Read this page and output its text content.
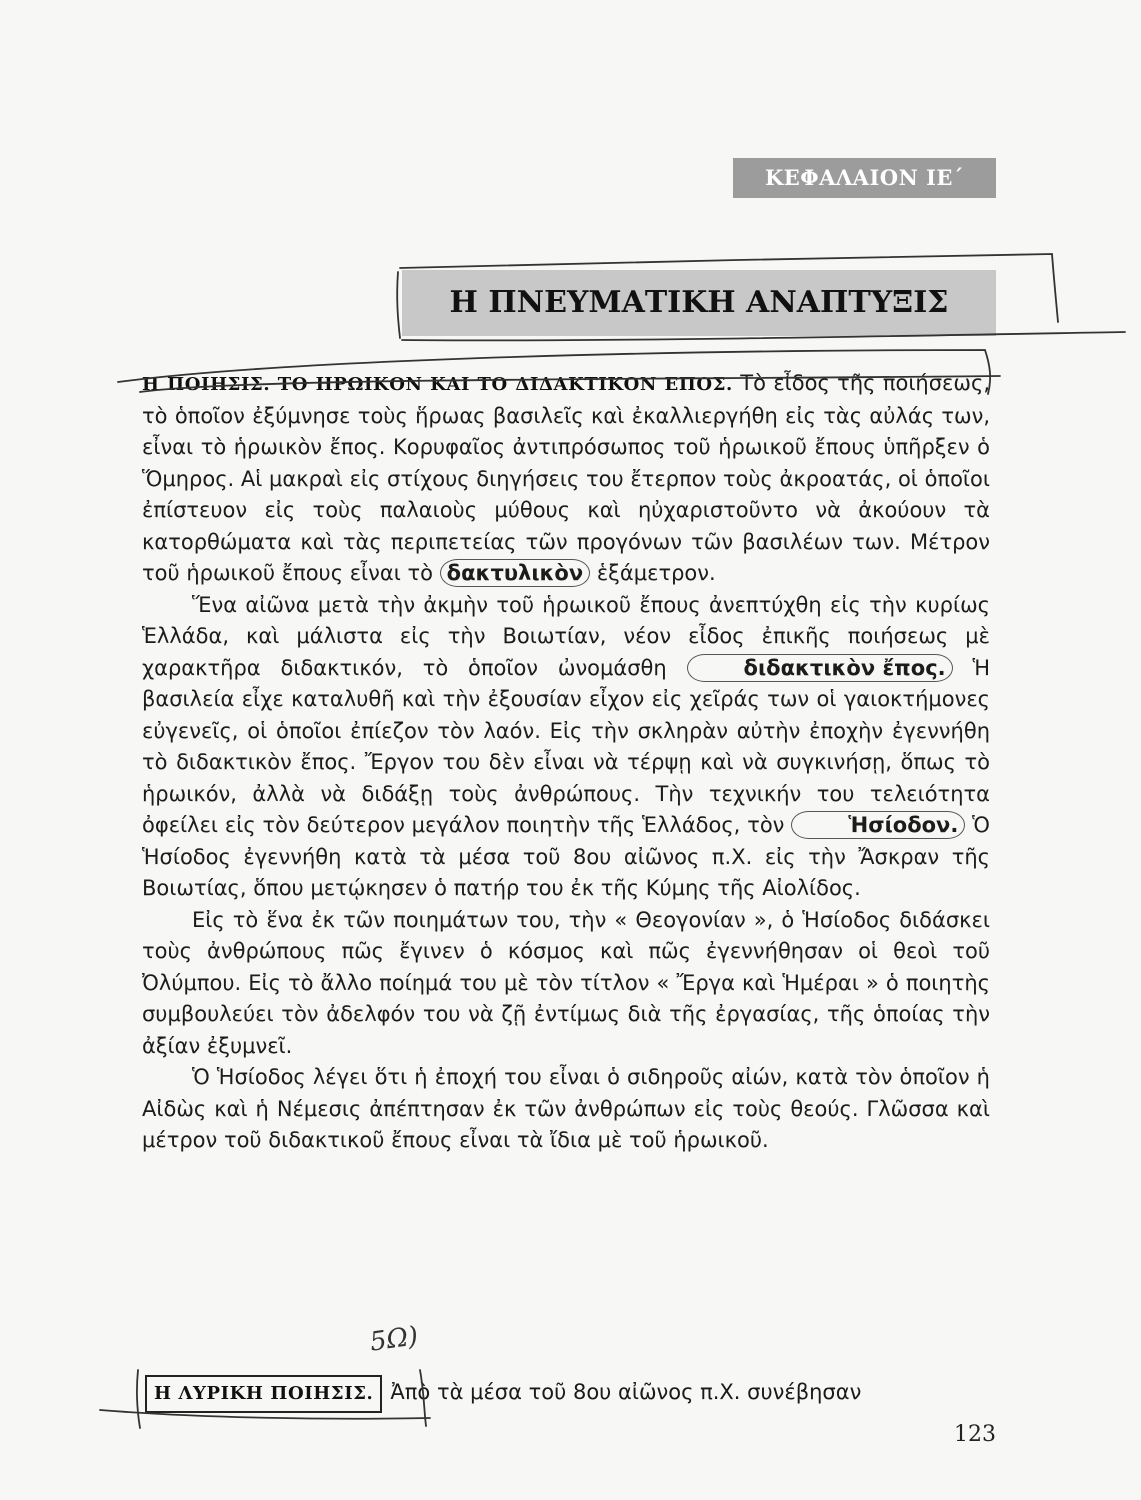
ΚΕΦΑΛΑΙΟΝ ΙΕ΄
Η ΠΝΕΥΜΑΤΙΚΗ ΑΝΑΠΤΥΞΙΣ

Η ΠΟΙΗΣΙΣ. ΤΟ ΗΡΩΙΚΟΝ ΚΑΙ ΤΟ ΔΙΔΑΚΤΙΚΟΝ ΕΠΟΣ. Τὸ εἶδος τῆς ποιήσεως, τὸ ὁποῖον ἐξύμνησε τοὺς ἥρωας βασιλεῖς καὶ ἐκαλλιεργήθη εἰς τὰς αὐλάς των, εἶναι τὸ ἡρωικὸν ἔπος. Κορυφαῖος ἀντιπρόσωπος τοῦ ἡρωικοῦ ἔπους ὑπῆρξεν ὁ Ὅμηρος. Αἱ μακραὶ εἰς στίχους διηγήσεις του ἔτερπον τοὺς ἀκροατάς, οἱ ὁποῖοι ἐπίστευον εἰς τοὺς παλαιοὺς μύθους καὶ ηὐχαριστοῦντο νὰ ἀκούουν τὰ κατορθώματα καὶ τὰς περιπετείας τῶν προγόνων τῶν βασιλέων των. Μέτρον τοῦ ἡρωικοῦ ἔπους εἶναι τὸ δακτυλικὸν ἑξάμετρον.

Ἕνα αἰῶνα μετὰ τὴν ἀκμὴν τοῦ ἡρωικοῦ ἔπους ἀνεπτύχθη εἰς τὴν κυρίως Ἑλλάδα, καὶ μάλιστα εἰς τὴν Βοιωτίαν, νέον εἶδος ἐπικῆς ποιήσεως μὲ χαρακτῆρα διδακτικόν, τὸ ὁποῖον ὠνομάσθη	διδακτικὸν ἔπος. Ἡ βασιλεία εἶχε καταλυθῆ καὶ τὴν ἐξουσίαν εἶχον εἰς χεῖράς των οἱ γαιοκτήμονες εὐγενεῖς, οἱ ὁποῖοι ἐπίεζον τὸν λαόν. Εἰς τὴν σκληρὰν αὐτὴν ἐποχὴν ἐγεννήθη τὸ διδακτικὸν ἔπος. Ἔργον του δὲν εἶναι νὰ τέρψῃ καὶ νὰ συγκινήσῃ, ὅπως τὸ ἡρωικόν, ἀλλὰ νὰ διδάξῃ τοὺς ἀνθρώπους. Τὴν τεχνικήν του τελειότητα ὀφείλει εἰς τὸν δεύτερον μεγάλον ποιητὴν τῆς Ἑλλάδος, τὸν	Ἡσίοδον. Ὁ Ἡσίοδος ἐγεννήθη κατὰ τὰ μέσα τοῦ 8ου αἰῶνος π.Χ. εἰς τὴν Ἄσκραν τῆς Βοιωτίας, ὅπου μετῴκησεν ὁ πατήρ του ἐκ τῆς Κύμης τῆς Αἰολίδος.

Εἰς τὸ ἕνα ἐκ τῶν ποιημάτων του, τὴν « Θεογονίαν », ὁ Ἡσίοδος διδάσκει τοὺς ἀνθρώπους πῶς ἔγινεν ὁ κόσμος καὶ πῶς ἐγεννήθησαν οἱ θεοὶ τοῦ Ὀλύμπου. Εἰς τὸ ἄλλο ποίημά του μὲ τὸν τίτλον « Ἔργα καὶ Ἡμέραι » ὁ ποιητὴς συμβουλεύει τὸν ἀδελφόν του νὰ ζῇ ἐντίμως διὰ τῆς ἐργασίας, τῆς ὁποίας τὴν ἀξίαν ἐξυμνεῖ.

Ὁ Ἡσίοδος λέγει ὅτι ἡ ἐποχή του εἶναι ὁ σιδηροῦς αἰών, κατὰ τὸν ὁποῖον ἡ Αἰδὼς καὶ ἡ Νέμεσις ἀπέπτησαν ἐκ τῶν ἀνθρώπων εἰς τοὺς θεούς. Γλῶσσα καὶ μέτρον τοῦ διδακτικοῦ ἔπους εἶναι τὰ ἴδια μὲ τοῦ ἡρωικοῦ.

Η ΛΥΡΙΚΗ ΠΟΙΗΣΙΣ. Ἀπὸ τὰ μέσα τοῦ 8ου αἰῶνος π.Χ. συνέβησαν
123
5Ω)
